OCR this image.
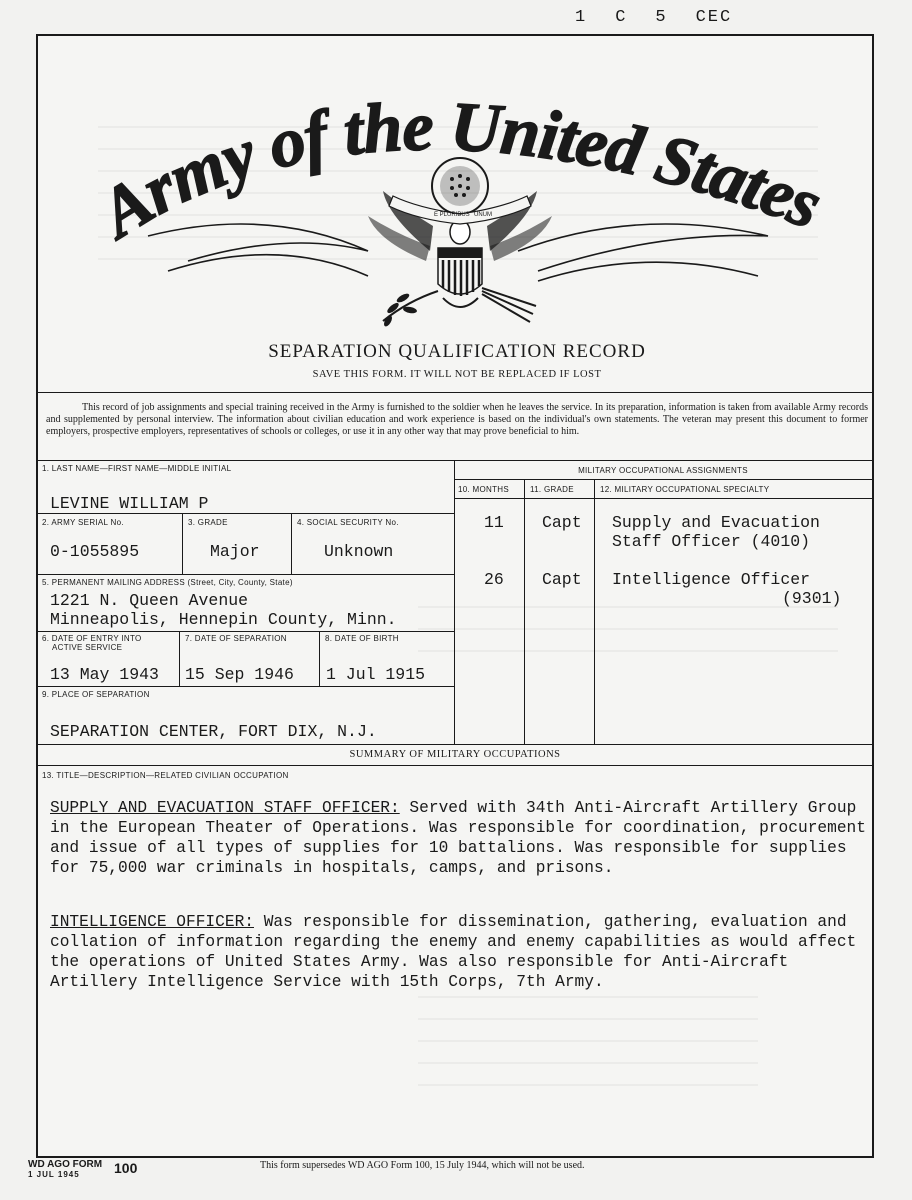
1 C 5 CEC
Army of the United States
E PLURIBUS UNUM
SEPARATION QUALIFICATION RECORD
SAVE THIS FORM. IT WILL NOT BE REPLACED IF LOST
This record of job assignments and special training received in the Army is furnished to the soldier when he leaves the service. In its preparation, information is taken from available Army records and supplemented by personal interview. The information about civilian education and work experience is based on the individual's own statements. The veteran may present this document to former employers, prospective employers, representatives of schools or colleges, or use it in any other way that may prove beneficial to him.
1. LAST NAME—FIRST NAME—MIDDLE INITIAL
LEVINE WILLIAM P
2. ARMY SERIAL No.
0-1055895
3. GRADE
Major
4. SOCIAL SECURITY No.
Unknown
5. PERMANENT MAILING ADDRESS (Street, City, County, State)
1221 N. Queen Avenue
Minneapolis, Hennepin County, Minn.
6. DATE OF ENTRY INTO
ACTIVE SERVICE
13 May 1943
7. DATE OF SEPARATION
15 Sep 1946
8. DATE OF BIRTH
1 Jul 1915
9. PLACE OF SEPARATION
SEPARATION CENTER, FORT DIX, N.J.
MILITARY OCCUPATIONAL ASSIGNMENTS
10. MONTHS	11. GRADE	12. MILITARY OCCUPATIONAL SPECIALTY
11 Capt Supply and Evacuation
Staff Officer (4010)
26 Capt Intelligence Officer
(9301)
SUMMARY OF MILITARY OCCUPATIONS
13. TITLE—DESCRIPTION—RELATED CIVILIAN OCCUPATION
SUPPLY AND EVACUATION STAFF OFFICER: Served with 34th Anti-Aircraft Artillery Group in the European Theater of Operations. Was responsible for coordination, procurement and issue of all types of supplies for 10 battalions. Was responsible for supplies for 75,000 war criminals in hospitals, camps, and prisons.
INTELLIGENCE OFFICER: Was responsible for dissemination, gathering, evaluation and collation of information regarding the enemy and enemy capabilities as would affect the operations of United States Army. Was also responsible for Anti-Aircraft Artillery Intelligence Service with 15th Corps, 7th Army.
WD AGO FORM
1 JUL 1945	100	This form supersedes WD AGO Form 100, 15 July 1944, which will not be used.
